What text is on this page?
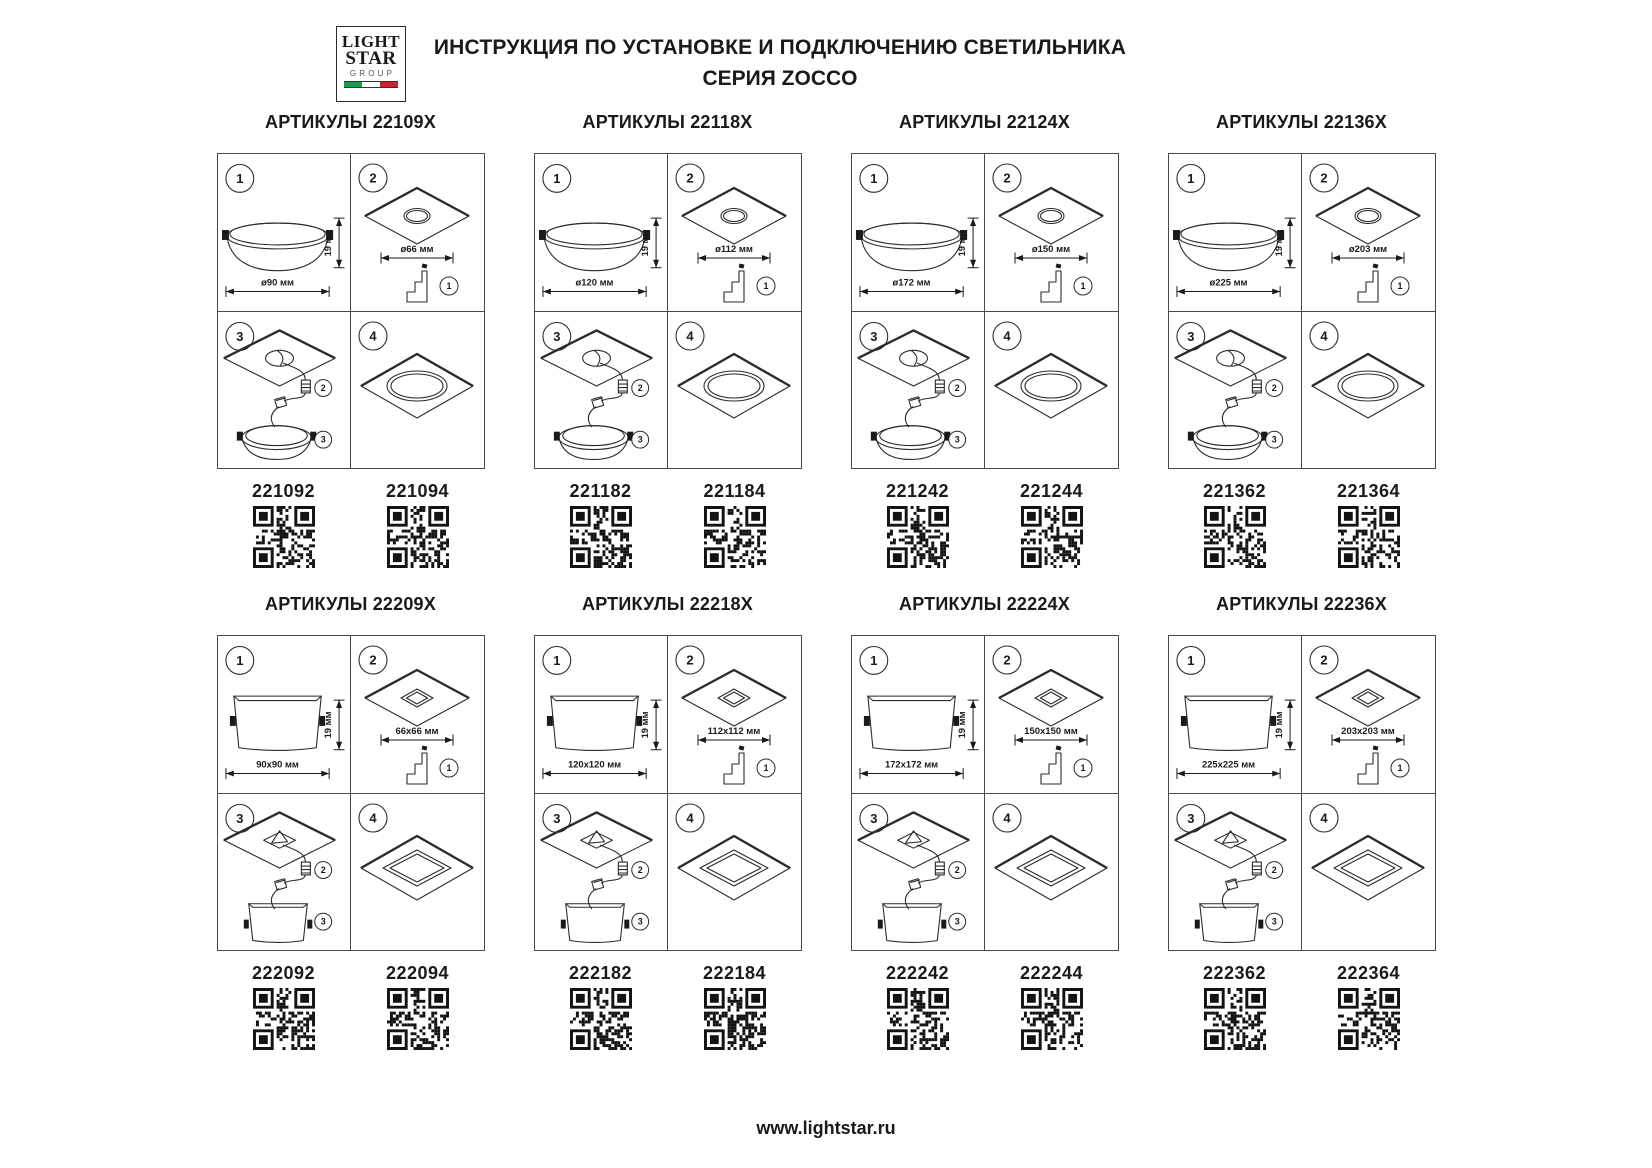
LIGHT
STAR
GROUP
ИНСТРУКЦИЯ ПО УСТАНОВКЕ И ПОДКЛЮЧЕНИЮ СВЕТИЛЬНИКА
СЕРИЯ ZOCCO
АРТИКУЛЫ 22109X
1
ø90 мм
19 мм
2
ø66 мм
1
3
2
3
4
221092	221094
АРТИКУЛЫ 22118X
1
ø120 мм
19 мм
2
ø112 мм
1
3
2
3
4
221182	221184
АРТИКУЛЫ 22124X
1
ø172 мм
19 мм
2
ø150 мм
1
3
2
3
4
221242	221244
АРТИКУЛЫ 22136X
1
ø225 мм
19 мм
2
ø203 мм
1
3
2
3
4
221362	221364
АРТИКУЛЫ 22209X
1
90x90 мм
19 мм
2
66x66 мм
1
3
2
3
4
222092	222094
АРТИКУЛЫ 22218X
1
120x120 мм
19 мм
2
112x112 мм
1
3
2
3
4
222182	222184
АРТИКУЛЫ 22224X
1
172x172 мм
19 мм
2
150x150 мм
1
3
2
3
4
222242	222244
АРТИКУЛЫ 22236X
1
225x225 мм
19 мм
2
203x203 мм
1
3
2
3
4
222362	222364
www.lightstar.ru
